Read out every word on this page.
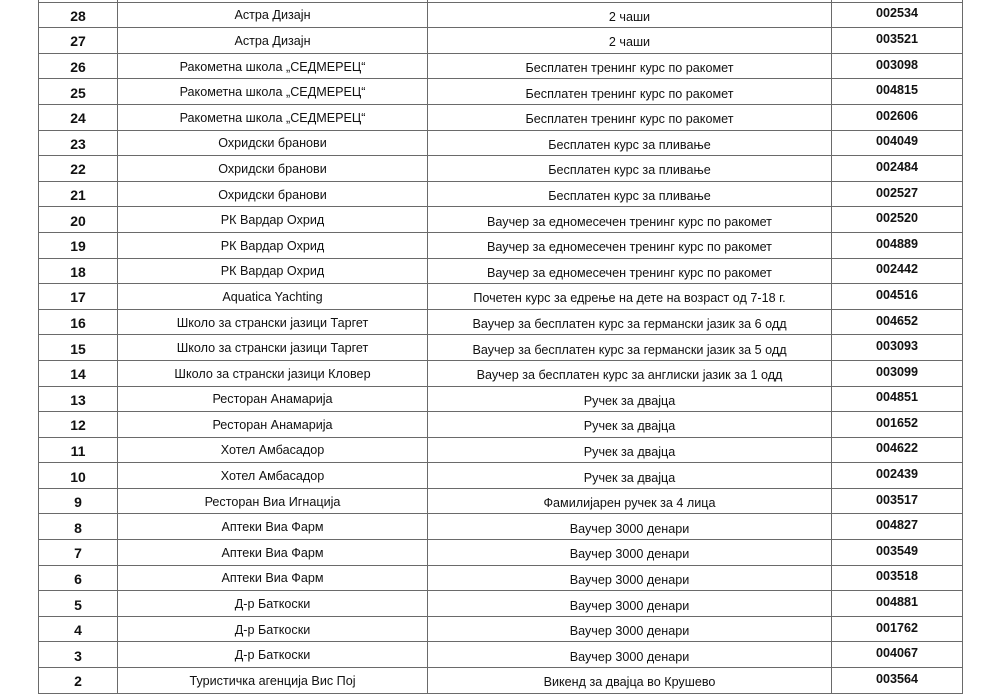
28	Астра Дизајн	2 чаши	002534
27	Астра Дизајн	2 чаши	003521
26	Ракометна школа „СЕДМЕРЕЦ“	Бесплатен тренинг курс по ракомет	003098
25	Ракометна школа „СЕДМЕРЕЦ“	Бесплатен тренинг курс по ракомет	004815
24	Ракометна школа „СЕДМЕРЕЦ“	Бесплатен тренинг курс по ракомет	002606
23	Охридски бранови	Бесплатен курс за пливање	004049
22	Охридски бранови	Бесплатен курс за пливање	002484
21	Охридски бранови	Бесплатен курс за пливање	002527
20	РК Вардар Охрид	Ваучер за едномесечен тренинг курс по ракомет	002520
19	РК Вардар Охрид	Ваучер за едномесечен тренинг курс по ракомет	004889
18	РК Вардар Охрид	Ваучер за едномесечен тренинг курс по ракомет	002442
17	Aquatica Yachting	Почетен курс за едрење на дете на возраст од 7-18 г.	004516
16	Школо за странски јазици Таргет	Ваучер за бесплатен курс за германски јазик за 6 одд	004652
15	Школо за странски јазици Таргет	Ваучер за бесплатен курс за германски јазик за 5 одд	003093
14	Школо за странски јазици Кловер	Ваучер за бесплатен курс за англиски јазик за 1 одд	003099
13	Ресторан Анамарија	Ручек за двајца	004851
12	Ресторан Анамарија	Ручек за двајца	001652
11	Хотел Амбасадор	Ручек за двајца	004622
10	Хотел Амбасадор	Ручек за двајца	002439
9	Ресторан Виа Игнација	Фамилијарен ручек за 4 лица	003517
8	Аптеки Виа Фарм	Ваучер 3000 денари	004827
7	Аптеки Виа Фарм	Ваучер 3000 денари	003549
6	Аптеки Виа Фарм	Ваучер 3000 денари	003518
5	Д-р Баткоски	Ваучер 3000 денари	004881
4	Д-р Баткоски	Ваучер 3000 денари	001762
3	Д-р Баткоски	Ваучер 3000 денари	004067
2	Туристичка агенција Вис Пој	Викенд за двајца во Крушево	003564
